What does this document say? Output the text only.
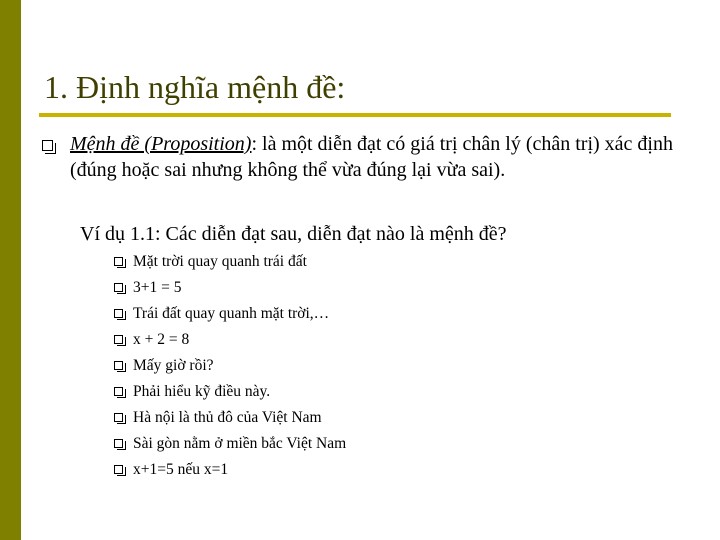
1. Định nghĩa mệnh đề:
Mệnh đề (Proposition): là một diễn đạt có giá trị chân lý (chân trị) xác định (đúng hoặc sai nhưng không thể vừa đúng lại vừa sai).
Ví dụ 1.1: Các diễn đạt sau, diễn đạt nào là mệnh đề?
Mặt trời quay quanh trái đất
3+1 = 5
Trái đất quay quanh mặt trời,…
x + 2 = 8
Mấy giờ rồi?
Phải hiểu kỹ điều này.
Hà nội là thủ đô của Việt Nam
Sài gòn nằm ở miền bắc Việt Nam
x+1=5 nếu x=1
